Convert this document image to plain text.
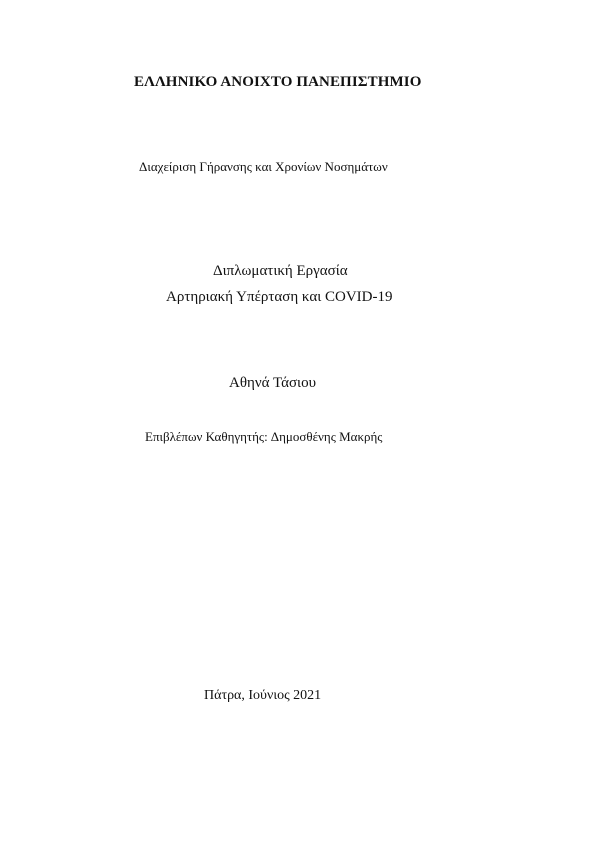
ΕΛΛΗΝΙΚΟ ΑΝΟΙΧΤΟ ΠΑΝΕΠΙΣΤΗΜΙΟ
Διαχείριση Γήρανσης και Χρονίων Νοσημάτων
Διπλωματική Εργασία
Αρτηριακή Υπέρταση και COVID-19
Αθηνά Τάσιου
Επιβλέπων Καθηγητής: Δημοσθένης Μακρής
Πάτρα, Ιούνιος 2021
